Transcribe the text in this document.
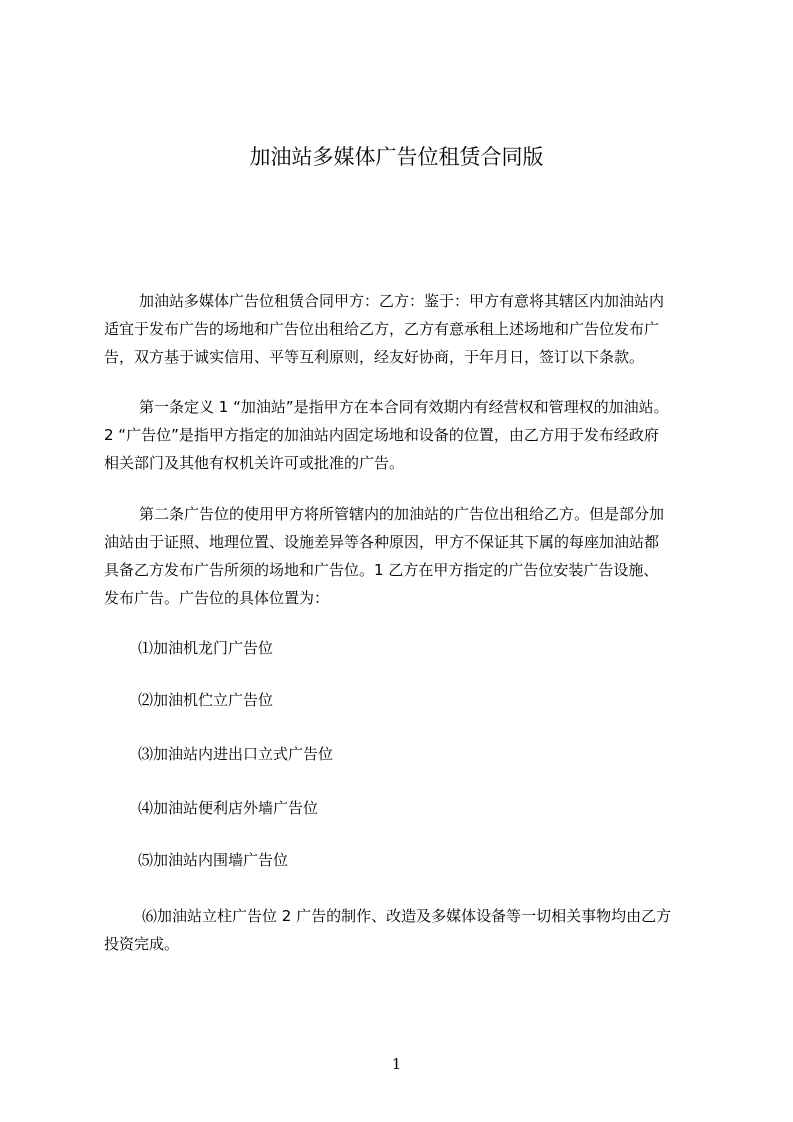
加油站多媒体广告位租赁合同版
加油站多媒体广告位租赁合同甲方：乙方：鉴于：甲方有意将其辖区内加油站内
适宜于发布广告的场地和广告位出租给乙方，乙方有意承租上述场地和广告位发布广
告，双方基于诚实信用、平等互利原则，经友好协商，于年月日，签订以下条款。
第一条定义 1 “加油站”是指甲方在本合同有效期内有经营权和管理权的加油站。
2 “广告位”是指甲方指定的加油站内固定场地和设备的位置，由乙方用于发布经政府
相关部门及其他有权机关许可或批准的广告。
第二条广告位的使用甲方将所管辖内的加油站的广告位出租给乙方。但是部分加
油站由于证照、地理位置、设施差异等各种原因，甲方不保证其下属的每座加油站都
具备乙方发布广告所须的场地和广告位。1 乙方在甲方指定的广告位安装广告设施、
发布广告。广告位的具体位置为：
⑴加油机龙门广告位
⑵加油机伫立广告位
⑶加油站内进出口立式广告位
⑷加油站便利店外墙广告位
⑸加油站内围墙广告位
⑹加油站立柱广告位 2 广告的制作、改造及多媒体设备等一切相关事物均由乙方
投资完成。
1
